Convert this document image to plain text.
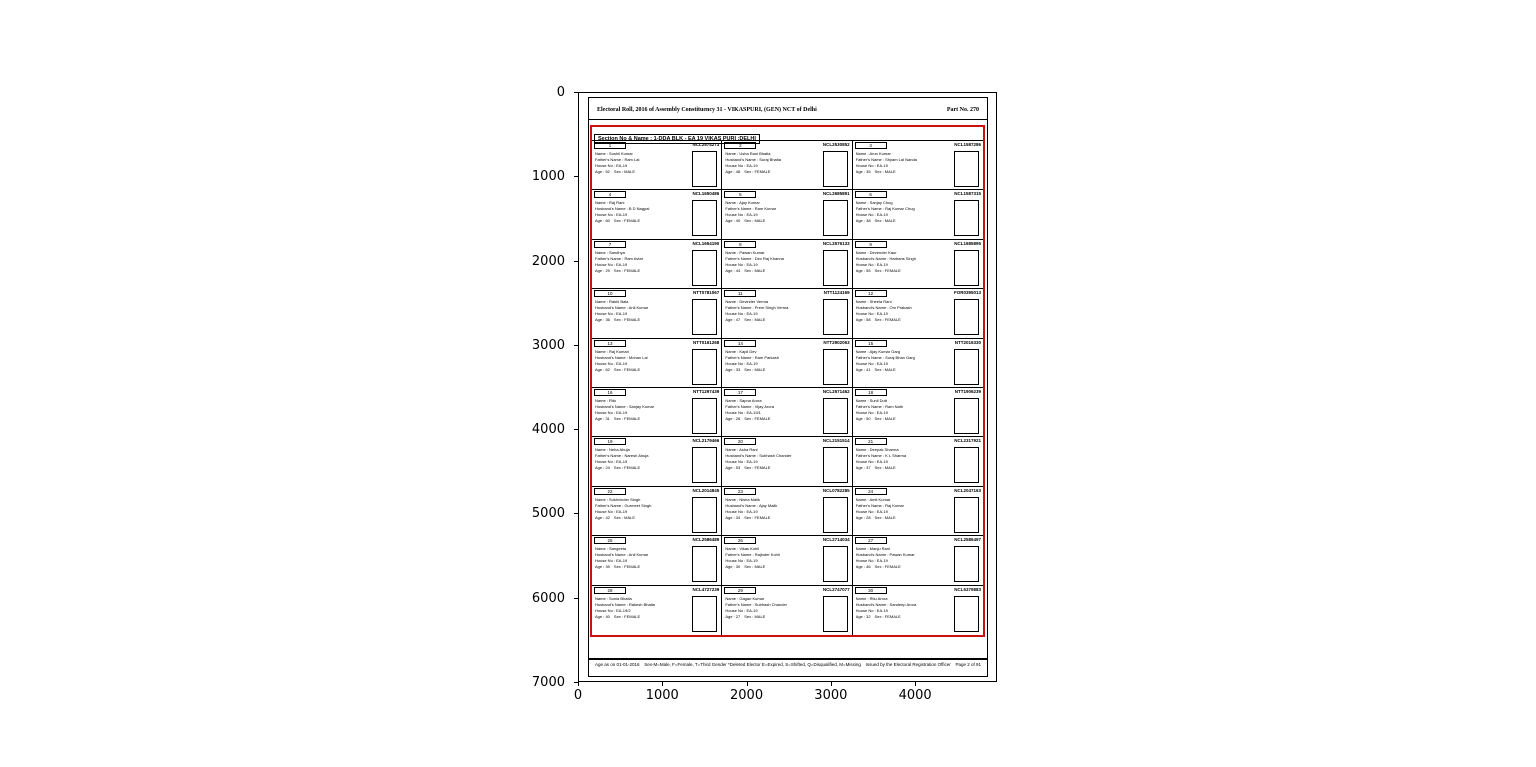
0
1000
2000
3000
4000
5000
6000
7000
0	1000	2000	3000	4000
Electoral Roll, 2016 of Assembly Constituency 31 - VIKASPURI, (GEN) NCT of Delhi	Part No. 270
Section No & Name : 1-DDA BLK - EA 19 VIKAS PURI :DELHI
1	NCL2574273
Name : Sushil Kumar
Father's Name : Ram Lal
House No : EA-19
Age : 52  Sex : MALE
2	NCL2530852
Name : Usha Rani Bhatia
Husband's Name : Suraj Bhatia
House No : EA-19
Age : 48  Sex : FEMALE
3	NCL1587286
Name : Arun Kumar
Father's Name : Shyam Lal Nanda
House No : EA-19
Age : 35  Sex : MALE
4	NCL1650486
Name : Raj Rani
Husband's Name : B D Nagpal
House No : EA-19
Age : 60  Sex : FEMALE
5	NCL2685891
Name : Ajay Kumar
Father's Name : Ram Kumar
House No : EA-19
Age : 40  Sex : MALE
6	NCL1587315
Name : Sanjay Chug
Father's Name : Raj Kumar Chug
House No : EA-19
Age : 38  Sex : MALE
7	NCL1654190
Name : Sandhya
Father's Name : Ram Avtar
House No : EA-19
Age : 29  Sex : FEMALE
8	NCL2576133
Name : Pawan Kumar
Father's Name : Dev Raj Khanna
House No : EA-19
Age : 44  Sex : MALE
9	NCL1685895
Name : Devender Kaur
Husband's Name : Harbans Singh
House No : EA-19
Age : 55  Sex : FEMALE
10	NTT0781067
Name : Rakhi Bala
Husband's Name : Anil Kumar
House No : EA-19
Age : 36  Sex : FEMALE
11	NTT1124169
Name : Devinder Verma
Father's Name : Prem Singh Verma
House No : EA-19
Age : 47  Sex : MALE
12	FOR0395013
Name : Sheela Rani
Husband's Name : Om Prakash
House No : EA-19
Age : 58  Sex : FEMALE
13	NTT0161268
Name : Raj Kumari
Husband's Name : Mohan Lal
House No : EA-19
Age : 62  Sex : FEMALE
14	NTT2902063
Name : Kapil Dev
Father's Name : Ram Parkash
House No : EA-19
Age : 33  Sex : MALE
15	NTT2016330
Name : Ajay Kumar Garg
Father's Name : Suraj Bhan Garg
House No : EA-19
Age : 41  Sex : MALE
16	NTT1297439
Name : Ritu
Husband's Name : Sanjay Kumar
House No : EA-19
Age : 31  Sex : FEMALE
17	NCL2571462
Name : Sapna Arora
Father's Name : Vijay Arora
House No : EA-19/1
Age : 26  Sex : FEMALE
18	NTT1906239
Name : Sunil Dutt
Father's Name : Ram Nath
House No : EA-19
Age : 50  Sex : MALE
19	NCL2179466
Name : Neha Ahuja
Father's Name : Naresh Ahuja
House No : EA-19
Age : 24  Sex : FEMALE
20	NCL2151514
Name : Asha Rani
Husband's Name : Subhash Chander
House No : EA-19
Age : 53  Sex : FEMALE
21	NCL2317921
Name : Deepak Sharma
Father's Name : K L Sharma
House No : EA-19
Age : 37  Sex : MALE
22	NCL2014845
Name : Sukhvinder Singh
Father's Name : Gurmeet Singh
House No : EA-19
Age : 42  Sex : MALE
23	NCL0782285
Name : Nisha Malik
Husband's Name : Ajay Malik
House No : EA-19
Age : 34  Sex : FEMALE
24	NCL2047163
Name : Amit Kumar
Father's Name : Raj Kumar
House No : EA-19
Age : 28  Sex : MALE
25	NCL2586489
Name : Sangeeta
Husband's Name : Anil Kumar
House No : EA-19
Age : 39  Sex : FEMALE
26	NCL2714034
Name : Vikas Kohli
Father's Name : Rajinder Kohli
House No : EA-19
Age : 30  Sex : MALE
27	NCL2586497
Name : Manju Rani
Husband's Name : Pawan Kumar
House No : EA-19
Age : 46  Sex : FEMALE
28	NCL4727239
Name : Sonia Bhatia
Husband's Name : Rakesh Bhatia
House No : EA-19/2
Age : 40  Sex : FEMALE
29	NCL2747077
Name : Gagan Kumar
Father's Name : Subhash Chander
House No : EA-19
Age : 27  Sex : MALE
30	NCL5379883
Name : Ritu Arora
Husband's Name : Sandeep Arora
House No : EA-19
Age : 32  Sex : FEMALE
Age as on 01-01-2016 Sex-M=Male, F=Female, T=Third Gender *Deleted Elector E=Expired, S=Shifted, Q=Disqualified, M=Missing Issued by the Electoral Registration Officer Page 2 of 91
